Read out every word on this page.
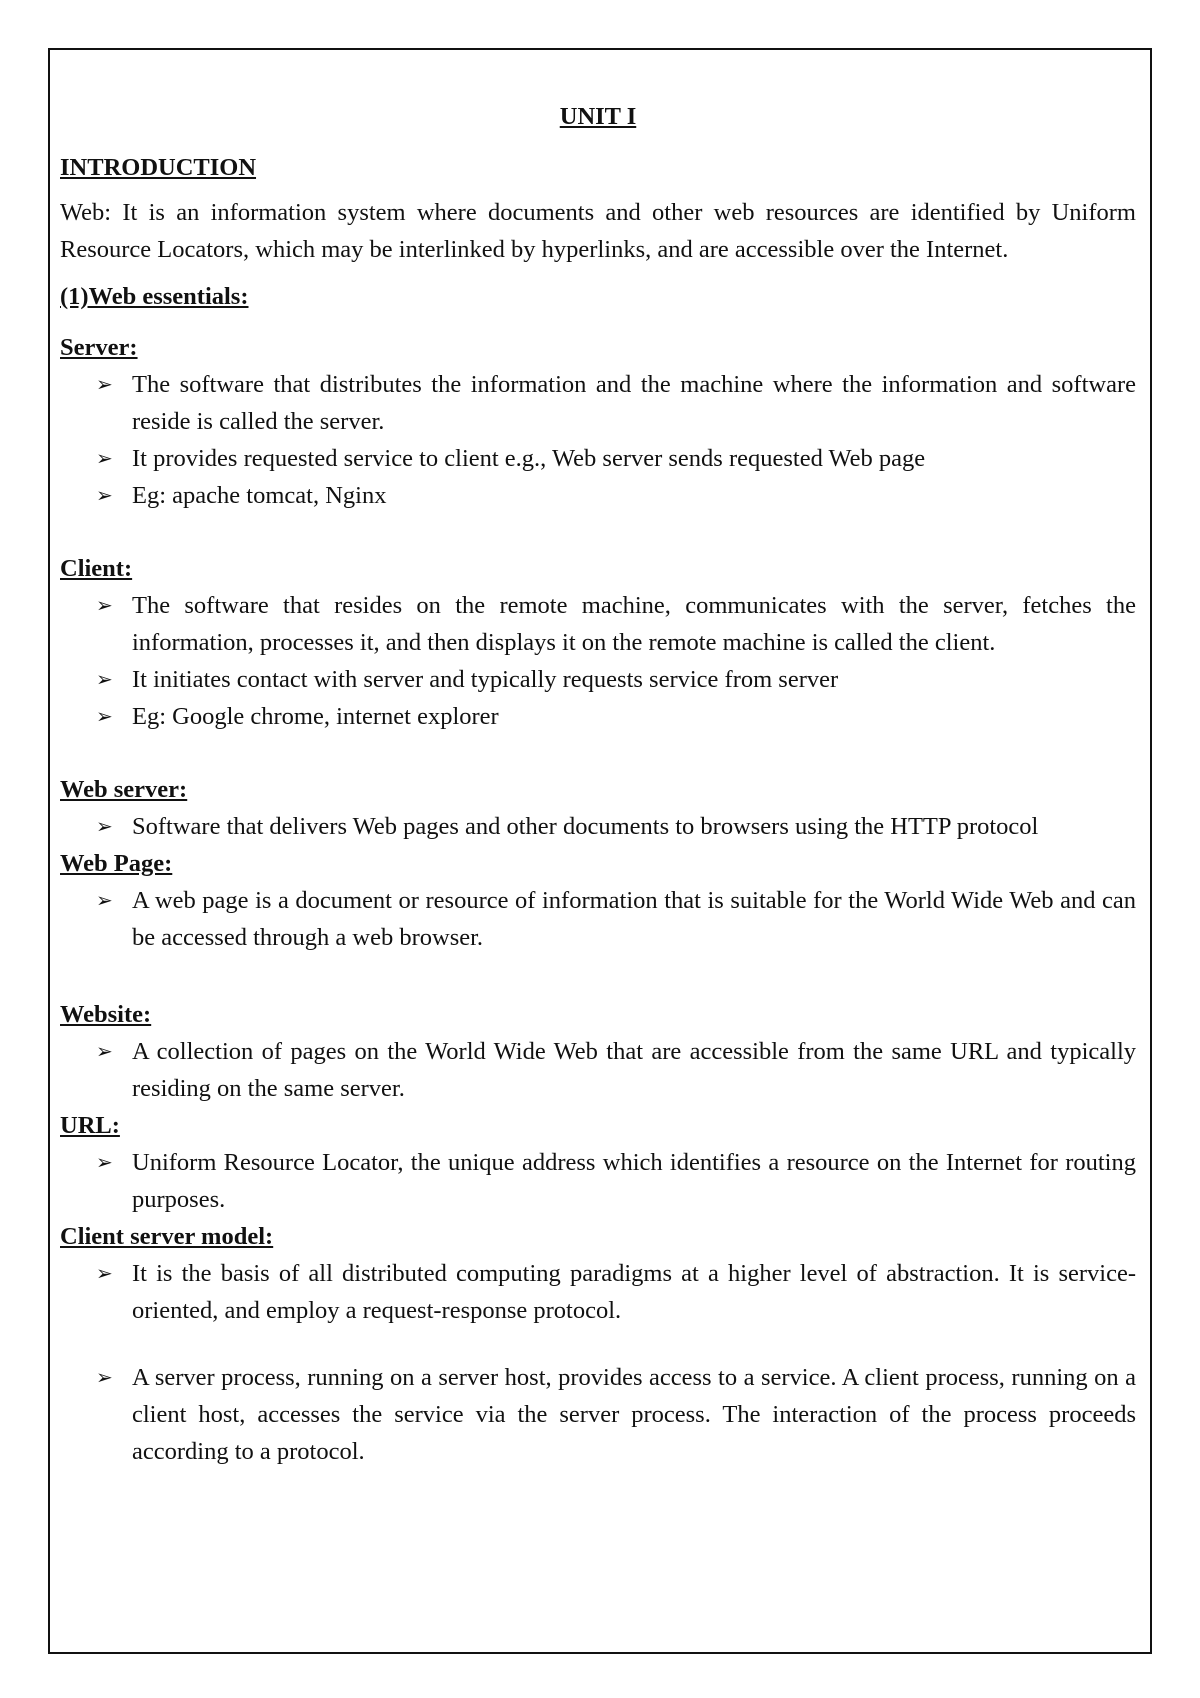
UNIT I
INTRODUCTION
Web: It is an information system where documents and other web resources are identified by Uniform Resource Locators, which may be interlinked by hyperlinks, and are accessible over the Internet.
(1)Web essentials:
Server:
➢ The software that distributes the information and the machine where the information and software reside is called the server.
➢ It provides requested service to client e.g., Web server sends requested Web page
➢ Eg: apache tomcat, Nginx
Client:
➢ The software that resides on the remote machine, communicates with the server, fetches the information, processes it, and then displays it on the remote machine is called the client.
➢ It initiates contact with server and typically requests service from server
➢ Eg: Google chrome, internet explorer
Web server:
➢ Software that delivers Web pages and other documents to browsers using the HTTP protocol
Web Page:
➢ A web page is a document or resource of information that is suitable for the World Wide Web and can be accessed through a web browser.
Website:
➢ A collection of pages on the World Wide Web that are accessible from the same URL and typically residing on the same server.
URL:
➢ Uniform Resource Locator, the unique address which identifies a resource on the Internet for routing purposes.
Client server model:
➢ It is the basis of all distributed computing paradigms at a higher level of abstraction. It is service-oriented, and employ a request-response protocol.
➢ A server process, running on a server host, provides access to a service. A client process, running on a client host, accesses the service via the server process. The interaction of the process proceeds according to a protocol.
